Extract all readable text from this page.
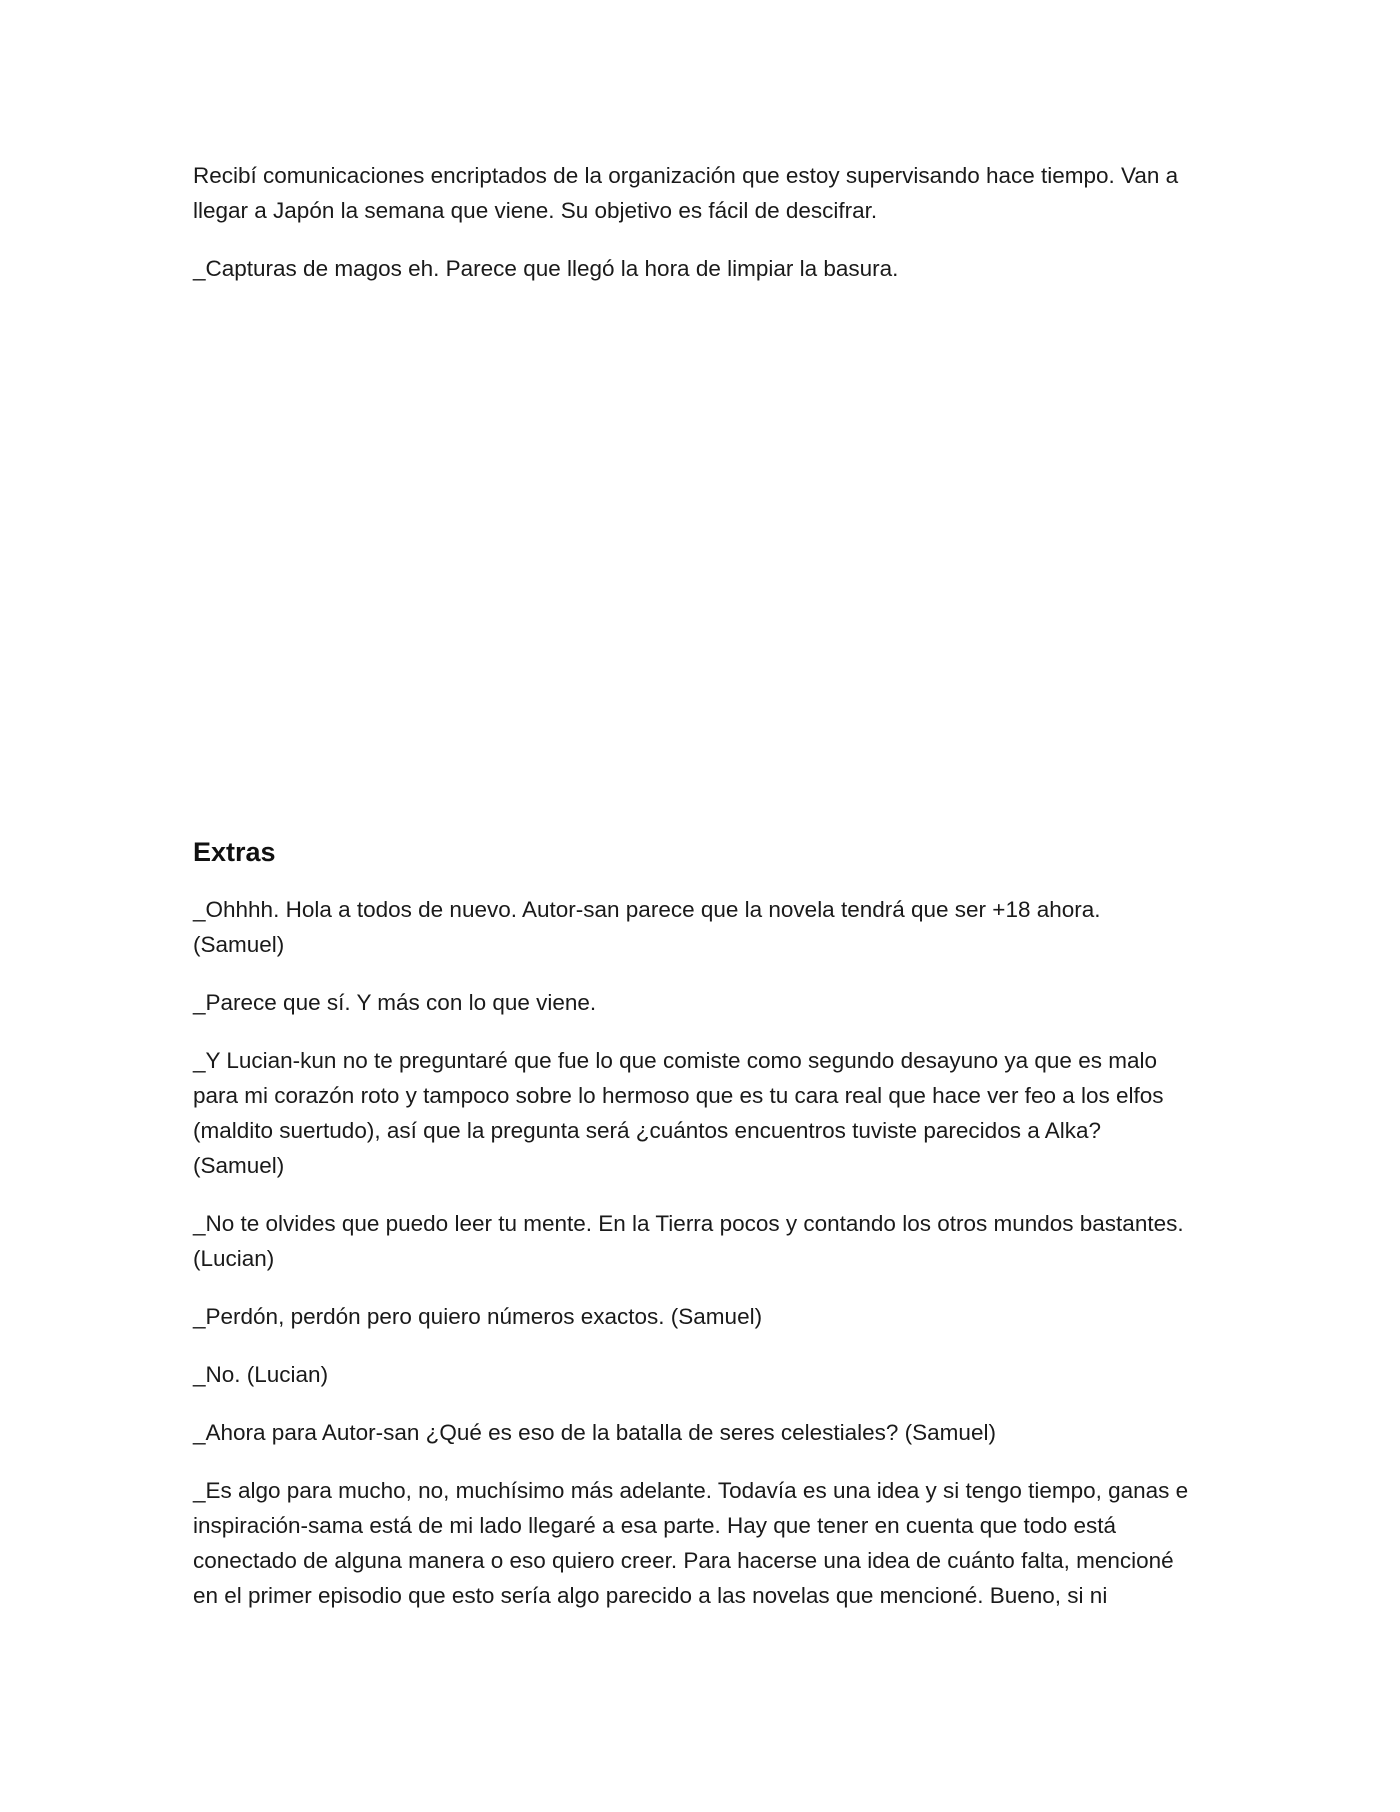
Recibí comunicaciones encriptados de la organización que estoy supervisando hace tiempo. Van a llegar a Japón la semana que viene. Su objetivo es fácil de descifrar.

_Capturas de magos eh. Parece que llegó la hora de limpiar la basura.

Extras

_Ohhhh. Hola a todos de nuevo. Autor-san parece que la novela tendrá que ser +18 ahora. (Samuel)

_Parece que sí. Y más con lo que viene.

_Y Lucian-kun no te preguntaré que fue lo que comiste como segundo desayuno ya que es malo para mi corazón roto y tampoco sobre lo hermoso que es tu cara real que hace ver feo a los elfos (maldito suertudo), así que la pregunta será ¿cuántos encuentros tuviste parecidos a Alka? (Samuel)

_No te olvides que puedo leer tu mente. En la Tierra pocos y contando los otros mundos bastantes. (Lucian)

_Perdón, perdón pero quiero números exactos. (Samuel)

_No. (Lucian)

_Ahora para Autor-san ¿Qué es eso de la batalla de seres celestiales? (Samuel)

_Es algo para mucho, no, muchísimo más adelante. Todavía es una idea y si tengo tiempo, ganas e inspiración-sama está de mi lado llegaré a esa parte. Hay que tener en cuenta que todo está conectado de alguna manera o eso quiero creer. Para hacerse una idea de cuánto falta, mencioné en el primer episodio que esto sería algo parecido a las novelas que mencioné. Bueno, si ni
